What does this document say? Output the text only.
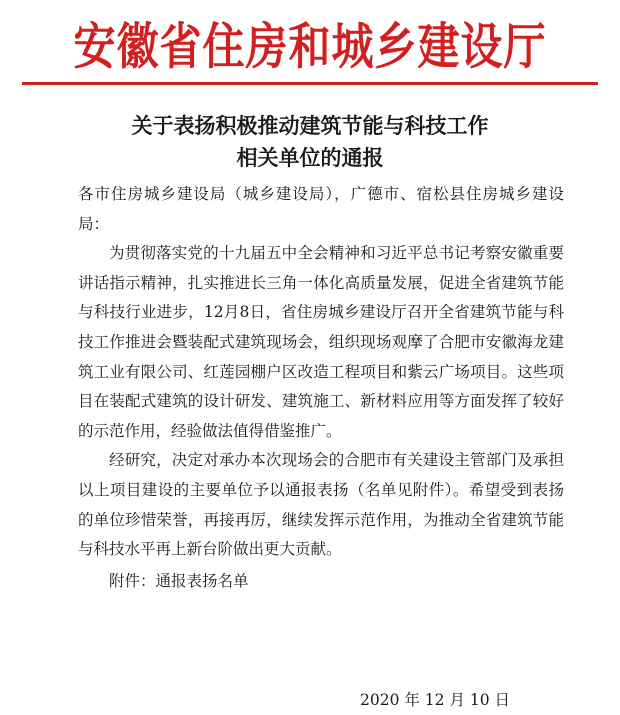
安徽省住房和城乡建设厅
关于表扬积极推动建筑节能与科技工作
相关单位的通报

各市住房城乡建设局（城乡建设局），广德市、宿松县住房城乡建设局：

为贯彻落实党的十九届五中全会精神和习近平总书记考察安徽重要讲话指示精神，扎实推进长三角一体化高质量发展，促进全省建筑节能与科技行业进步，12月8日，省住房城乡建设厅召开全省建筑节能与科技工作推进会暨装配式建筑现场会，组织现场观摩了合肥市安徽海龙建筑工业有限公司、红莲园棚户区改造工程项目和紫云广场项目。这些项目在装配式建筑的设计研发、建筑施工、新材料应用等方面发挥了较好的示范作用，经验做法值得借鉴推广。

经研究，决定对承办本次现场会的合肥市有关建设主管部门及承担以上项目建设的主要单位予以通报表扬（名单见附件）。希望受到表扬的单位珍惜荣誉，再接再厉，继续发挥示范作用，为推动全省建筑节能与科技水平再上新台阶做出更大贡献。

附件：通报表扬名单

2020 年 12 月 10 日
